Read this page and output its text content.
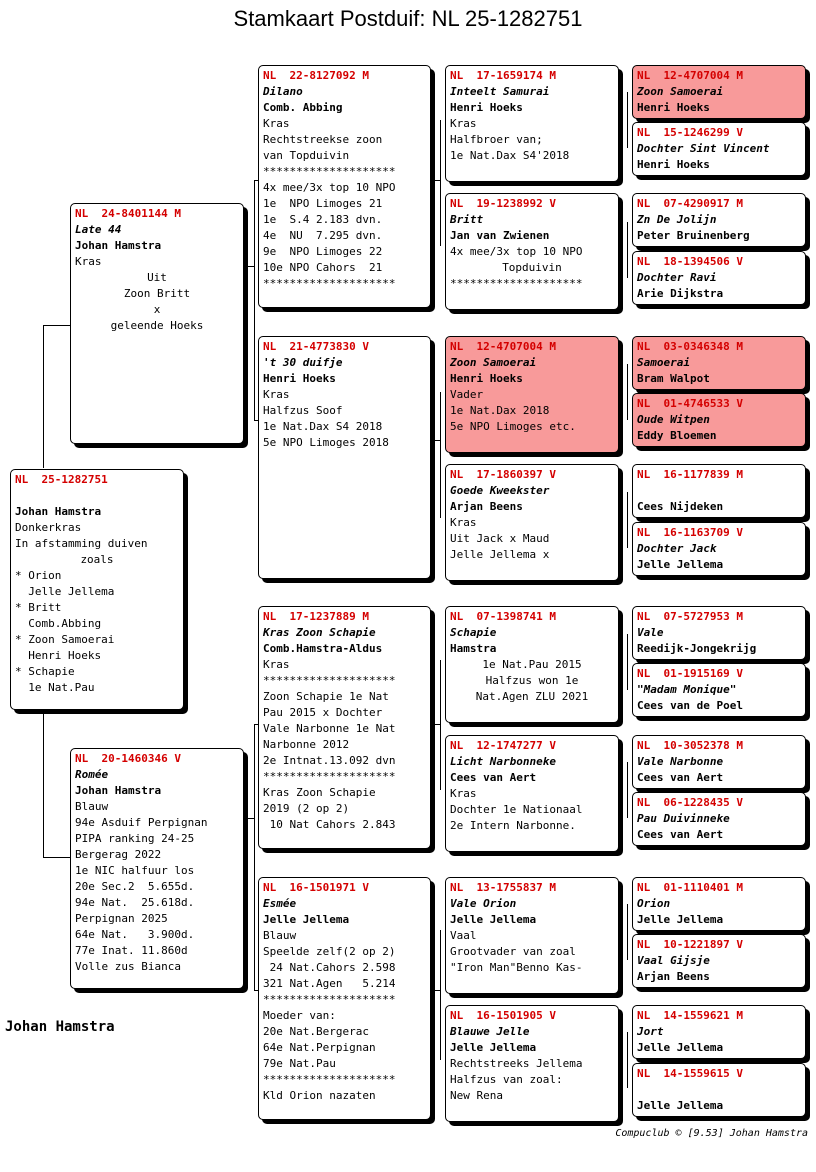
Stamkaart Postduif: NL 25-1282751
NL  25-1282751
Johan Hamstra
Donkerkras
In afstamming duiven
zoals
* Orion
Jelle Jellema
* Britt
Comb.Abbing
* Zoon Samoerai
Henri Hoeks
* Schapie
1e Nat.Pau
NL  24-8401144 M
Late 44
Johan Hamstra
Kras
Uit
Zoon Britt
x
geleende Hoeks
NL  20-1460346 V
Romée
Johan Hamstra
Blauw
94e Asduif Perpignan
PIPA ranking 24-25
Bergerag 2022
1e NIC halfuur los
20e Sec.2  5.655d.
94e Nat.  25.618d.
Perpignan 2025
64e Nat.   3.900d.
77e Inat. 11.860d
Volle zus Bianca
NL  22-8127092 M
Dilano
Comb. Abbing
Kras
Rechtstreekse zoon
van Topduivin
********************
4x mee/3x top 10 NPO
1e  NPO Limoges 21
1e  S.4 2.183 dvn.
4e  NU  7.295 dvn.
9e  NPO Limoges 22
10e NPO Cahors  21
********************
NL  21-4773830 V
't 30 duifje
Henri Hoeks
Kras
Halfzus Soof
1e Nat.Dax S4 2018
5e NPO Limoges 2018
NL  17-1237889 M
Kras Zoon Schapie
Comb.Hamstra-Aldus
Kras
********************
Zoon Schapie 1e Nat
Pau 2015 x Dochter
Vale Narbonne 1e Nat
Narbonne 2012
2e Intnat.13.092 dvn
********************
Kras Zoon Schapie
2019 (2 op 2)
10 Nat Cahors 2.843
NL  16-1501971 V
Esmée
Jelle Jellema
Blauw
Speelde zelf(2 op 2)
24 Nat.Cahors 2.598
321 Nat.Agen   5.214
********************
Moeder van:
20e Nat.Bergerac
64e Nat.Perpignan
79e Nat.Pau
********************
Kld Orion nazaten
NL  17-1659174 M
Inteelt Samurai
Henri Hoeks
Kras
Halfbroer van;
1e Nat.Dax S4'2018
NL  19-1238992 V
Britt
Jan van Zwienen
4x mee/3x top 10 NPO
Topduivin
********************
NL  12-4707004 M
Zoon Samoerai
Henri Hoeks
Vader
1e Nat.Dax 2018
5e NPO Limoges etc.
NL  17-1860397 V
Goede Kweekster
Arjan Beens
Kras
Uit Jack x Maud
Jelle Jellema x
NL  07-1398741 M
Schapie
Hamstra
1e Nat.Pau 2015
Halfzus won 1e
Nat.Agen ZLU 2021
NL  12-1747277 V
Licht Narbonneke
Cees van Aert
Kras
Dochter 1e Nationaal
2e Intern Narbonne.
NL  13-1755837 M
Vale Orion
Jelle Jellema
Vaal
Grootvader van zoal
"Iron Man"Benno Kas-
NL  16-1501905 V
Blauwe Jelle
Jelle Jellema
Rechtstreeks Jellema
Halfzus van zoal:
New Rena
NL  12-4707004 M
Zoon Samoerai
Henri Hoeks
NL  15-1246299 V
Dochter Sint Vincent
Henri Hoeks
NL  07-4290917 M
Zn De Jolijn
Peter Bruinenberg
NL  18-1394506 V
Dochter Ravi
Arie Dijkstra
NL  03-0346348 M
Samoerai
Bram Walpot
NL  01-4746533 V
Oude Witpen
Eddy Bloemen
NL  16-1177839 M
Cees Nijdeken
NL  16-1163709 V
Dochter Jack
Jelle Jellema
NL  07-5727953 M
Vale
Reedijk-Jongekrijg
NL  01-1915169 V
"Madam Monique"
Cees van de Poel
NL  10-3052378 M
Vale Narbonne
Cees van Aert
NL  06-1228435 V
Pau Duivinneke
Cees van Aert
NL  01-1110401 M
Orion
Jelle Jellema
NL  10-1221897 V
Vaal Gijsje
Arjan Beens
NL  14-1559621 M
Jort
Jelle Jellema
NL  14-1559615 V
Jelle Jellema
Johan Hamstra
Compuclub © [9.53] Johan Hamstra
